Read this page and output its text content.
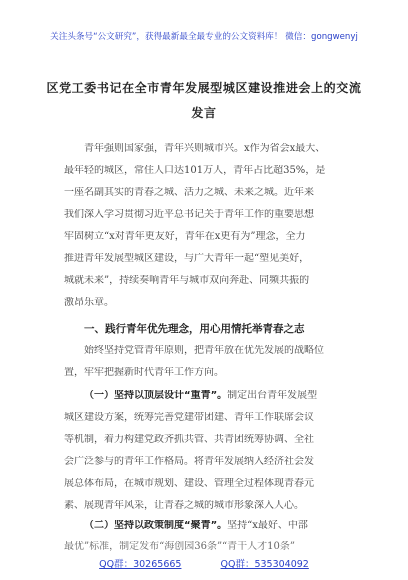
关注头条号“公文研究”，获得最新最全最专业的公文资料库！ 微信：gongwenyj
区党工委书记在全市青年发展型城区建设推进会上的交流
发言
青年强则国家强，青年兴则城市兴。x作为省会x最大、
最年轻的城区，常住人口达101万人，青年占比超35%，是
一座名副其实的青春之城、活力之城、未来之城。近年来
我们深入学习贯彻习近平总书记关于青年工作的重要思想
牢固树立“x对青年更友好，青年在x更有为”理念，全力
推进青年发展型城区建设，与广大青年一起“塑见美好，
城就未来”，持续奏响青年与城市双向奔赴、同频共振的
激昂乐章。
一、践行青年优先理念，用心用情托举青春之志
始终坚持党管青年原则，把青年放在优先发展的战略位
置，牢牢把握新时代青年工作方向。
（一）坚持以顶层设计“重青”。制定出台青年发展型
城区建设方案，统筹完善党建带团建、青年工作联席会议
等机制，着力构建党政齐抓共管、共青团统筹协调、全社
会广泛参与的青年工作格局。将青年发展纳入经济社会发
展总体布局，在城市规划、建设、管理全过程体现青春元
素、展现青年风采，让青春之城的城市形象深入人心。
（二）坚持以政策制度“聚青”。坚持“x最好、中部
最优”标准，制定发布“海创园36条”“青干人才10条”
QQ群：30265665	QQ群：535304092
